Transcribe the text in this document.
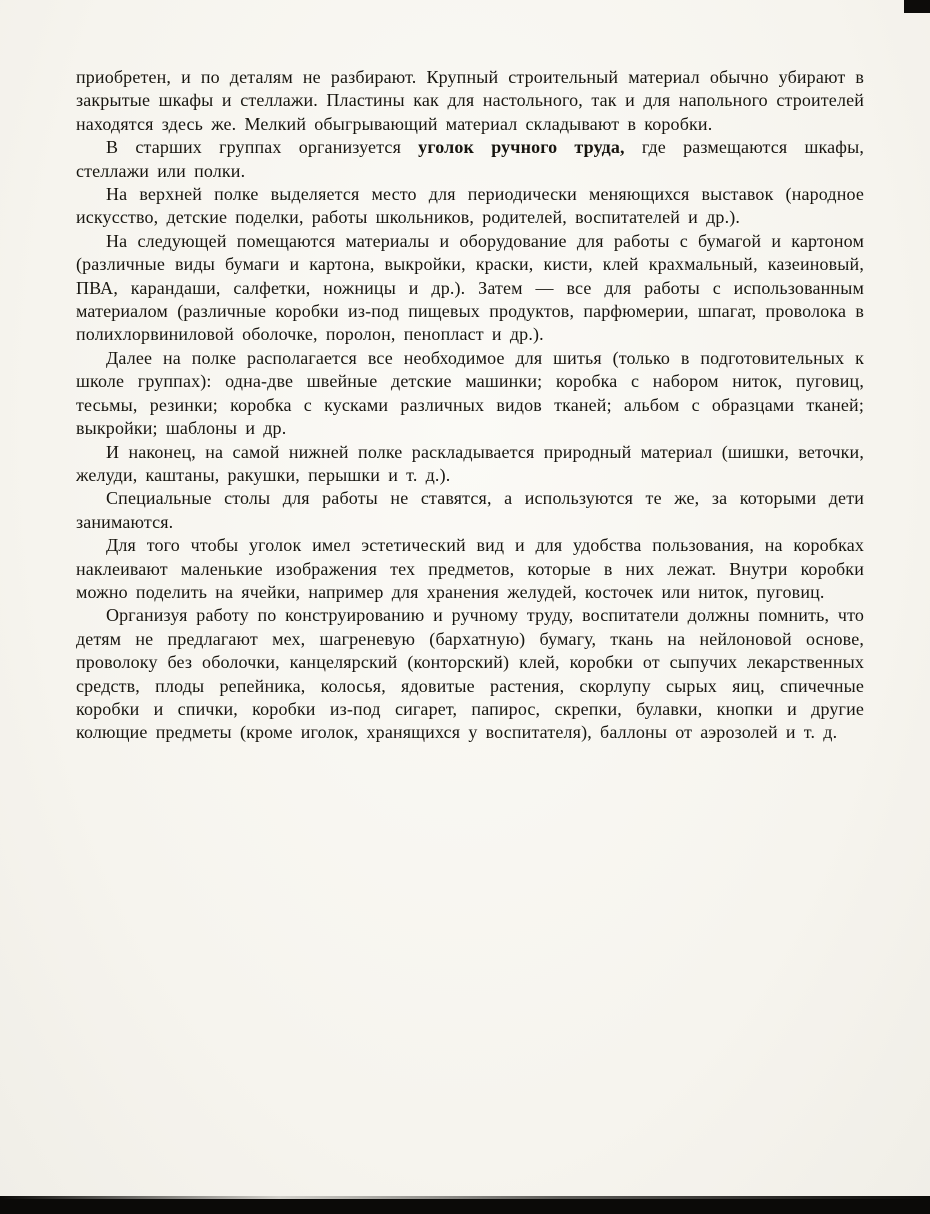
приобретен, и по деталям не разбирают. Крупный строительный материал обычно убирают в закрытые шкафы и стеллажи. Пластины как для настольного, так и для напольного строителей находятся здесь же. Мелкий обыгрывающий материал складывают в коробки.

В старших группах организуется уголок ручного труда, где размещаются шкафы, стеллажи или полки.

На верхней полке выделяется место для периодически меняющихся выставок (народное искусство, детские поделки, работы школьников, родителей, воспитателей и др.).

На следующей помещаются материалы и оборудование для работы с бумагой и картоном (различные виды бумаги и картона, выкройки, краски, кисти, клей крахмальный, казеиновый, ПВА, карандаши, салфетки, ножницы и др.). Затем — все для работы с использованным материалом (различные коробки из-под пищевых продуктов, парфюмерии, шпагат, проволока в полихлорвиниловой оболочке, поролон, пенопласт и др.).

Далее на полке располагается все необходимое для шитья (только в подготовительных к школе группах): одна-две швейные детские машинки; коробка с набором ниток, пуговиц, тесьмы, резинки; коробка с кусками различных видов тканей; альбом с образцами тканей; выкройки; шаблоны и др.

И наконец, на самой нижней полке раскладывается природный материал (шишки, веточки, желуди, каштаны, ракушки, перышки и т. д.).

Специальные столы для работы не ставятся, а используются те же, за которыми дети занимаются.

Для того чтобы уголок имел эстетический вид и для удобства пользования, на коробках наклеивают маленькие изображения тех предметов, которые в них лежат. Внутри коробки можно поделить на ячейки, например для хранения желудей, косточек или ниток, пуговиц.

Организуя работу по конструированию и ручному труду, воспитатели должны помнить, что детям не предлагают мех, шагреневую (бархатную) бумагу, ткань на нейлоновой основе, проволоку без оболочки, канцелярский (конторский) клей, коробки от сыпучих лекарственных средств, плоды репейника, колосья, ядовитые растения, скорлупу сырых яиц, спичечные коробки и спички, коробки из-под сигарет, папирос, скрепки, булавки, кнопки и другие колющие предметы (кроме иголок, хранящихся у воспитателя), баллоны от аэрозолей и т. д.
